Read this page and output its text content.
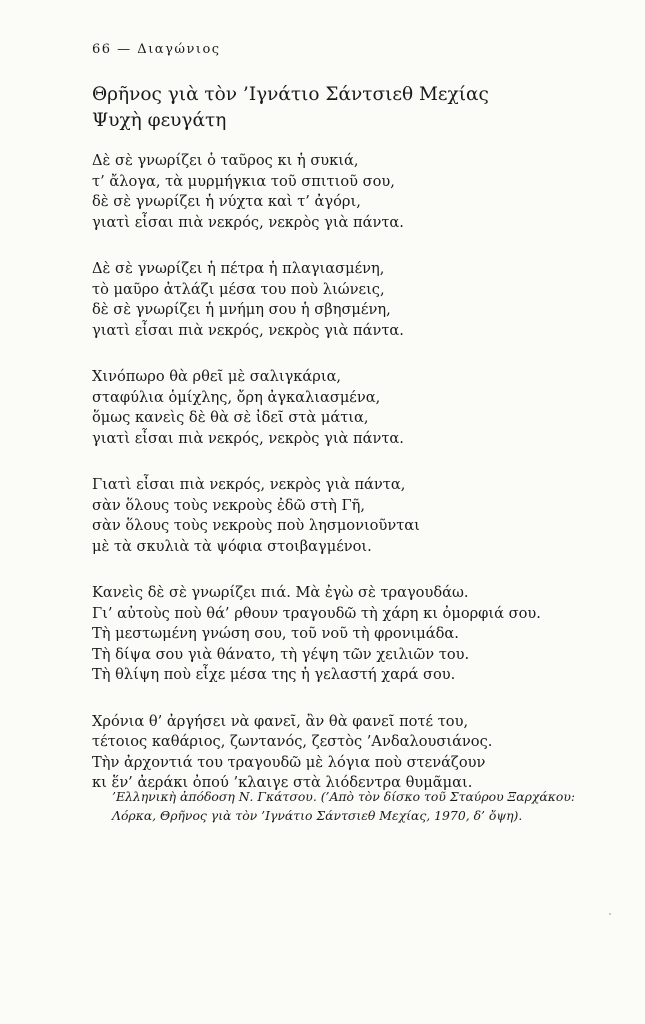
66 — Διαγώνιος
Θρῆνος γιὰ τὸν ’Ιγνάτιο Σάντσιεθ Μεχίας
Ψυχὴ φευγάτη
Δὲ σὲ γνωρίζει ὁ ταῦρος κι ἡ συκιά,
τ’ ἄλογα, τὰ μυρμήγκια τοῦ σπιτιοῦ σου,
δὲ σὲ γνωρίζει ἡ νύχτα καὶ τ’ ἀγόρι,
γιατὶ εἶσαι πιὰ νεκρός, νεκρὸς γιὰ πάντα.
Δὲ σὲ γνωρίζει ἡ πέτρα ἡ πλαγιασμένη,
τὸ μαῦρο ἀτλάζι μέσα του ποὺ λιώνεις,
δὲ σὲ γνωρίζει ἡ μνήμη σου ἡ σβησμένη,
γιατὶ εἶσαι πιὰ νεκρός, νεκρὸς γιὰ πάντα.
Χινόπωρο θὰ ρθεῖ μὲ σαλιγκάρια,
σταφύλια ὁμίχλης, ὄρη ἀγκαλιασμένα,
ὅμως κανεὶς δὲ θὰ σὲ ἰδεῖ στὰ μάτια,
γιατὶ εἶσαι πιὰ νεκρός, νεκρὸς γιὰ πάντα.
Γιατὶ εἶσαι πιὰ νεκρός, νεκρὸς γιὰ πάντα,
σὰν ὅλους τοὺς νεκροὺς ἐδῶ στὴ Γῆ,
σὰν ὅλους τοὺς νεκροὺς ποὺ λησμονιοῦνται
μὲ τὰ σκυλιὰ τὰ ψόφια στοιβαγμένοι.
Κανεὶς δὲ σὲ γνωρίζει πιά. Μὰ ἐγὼ σὲ τραγουδάω.
Γι’ αὐτοὺς ποὺ θά’ ρθουν τραγουδῶ τὴ χάρη κι ὀμορφιά σου.
Τὴ μεστωμένη γνώση σου, τοῦ νοῦ τὴ φρονιμάδα.
Τὴ δίψα σου γιὰ θάνατο, τὴ γέψη τῶν χειλιῶν του.
Τὴ θλίψη ποὺ εἶχε μέσα της ἡ γελαστή χαρά σου.
Χρόνια θ’ ἀργήσει νὰ φανεῖ, ἂν θὰ φανεῖ ποτέ του,
τέτοιος καθάριος, ζωντανός, ζεστὸς ’Ανδαλουσιάνος.
Τὴν ἀρχοντιά του τραγουδῶ μὲ λόγια ποὺ στενάζουν
κι ἕν’ ἀεράκι ὀπού ’κλαιγε στὰ λιόδεντρα θυμᾶμαι.
’Ελληνικὴ ἀπόδοση Ν. Γκάτσου. (’Απὸ τὸν δίσκο τοῦ Σταύρου Ξαρχάκου:
Λόρκα, Θρῆνος γιὰ τὸν ’Ιγνάτιο Σάντσιεθ Μεχίας, 1970, δ’ ὄψη).
